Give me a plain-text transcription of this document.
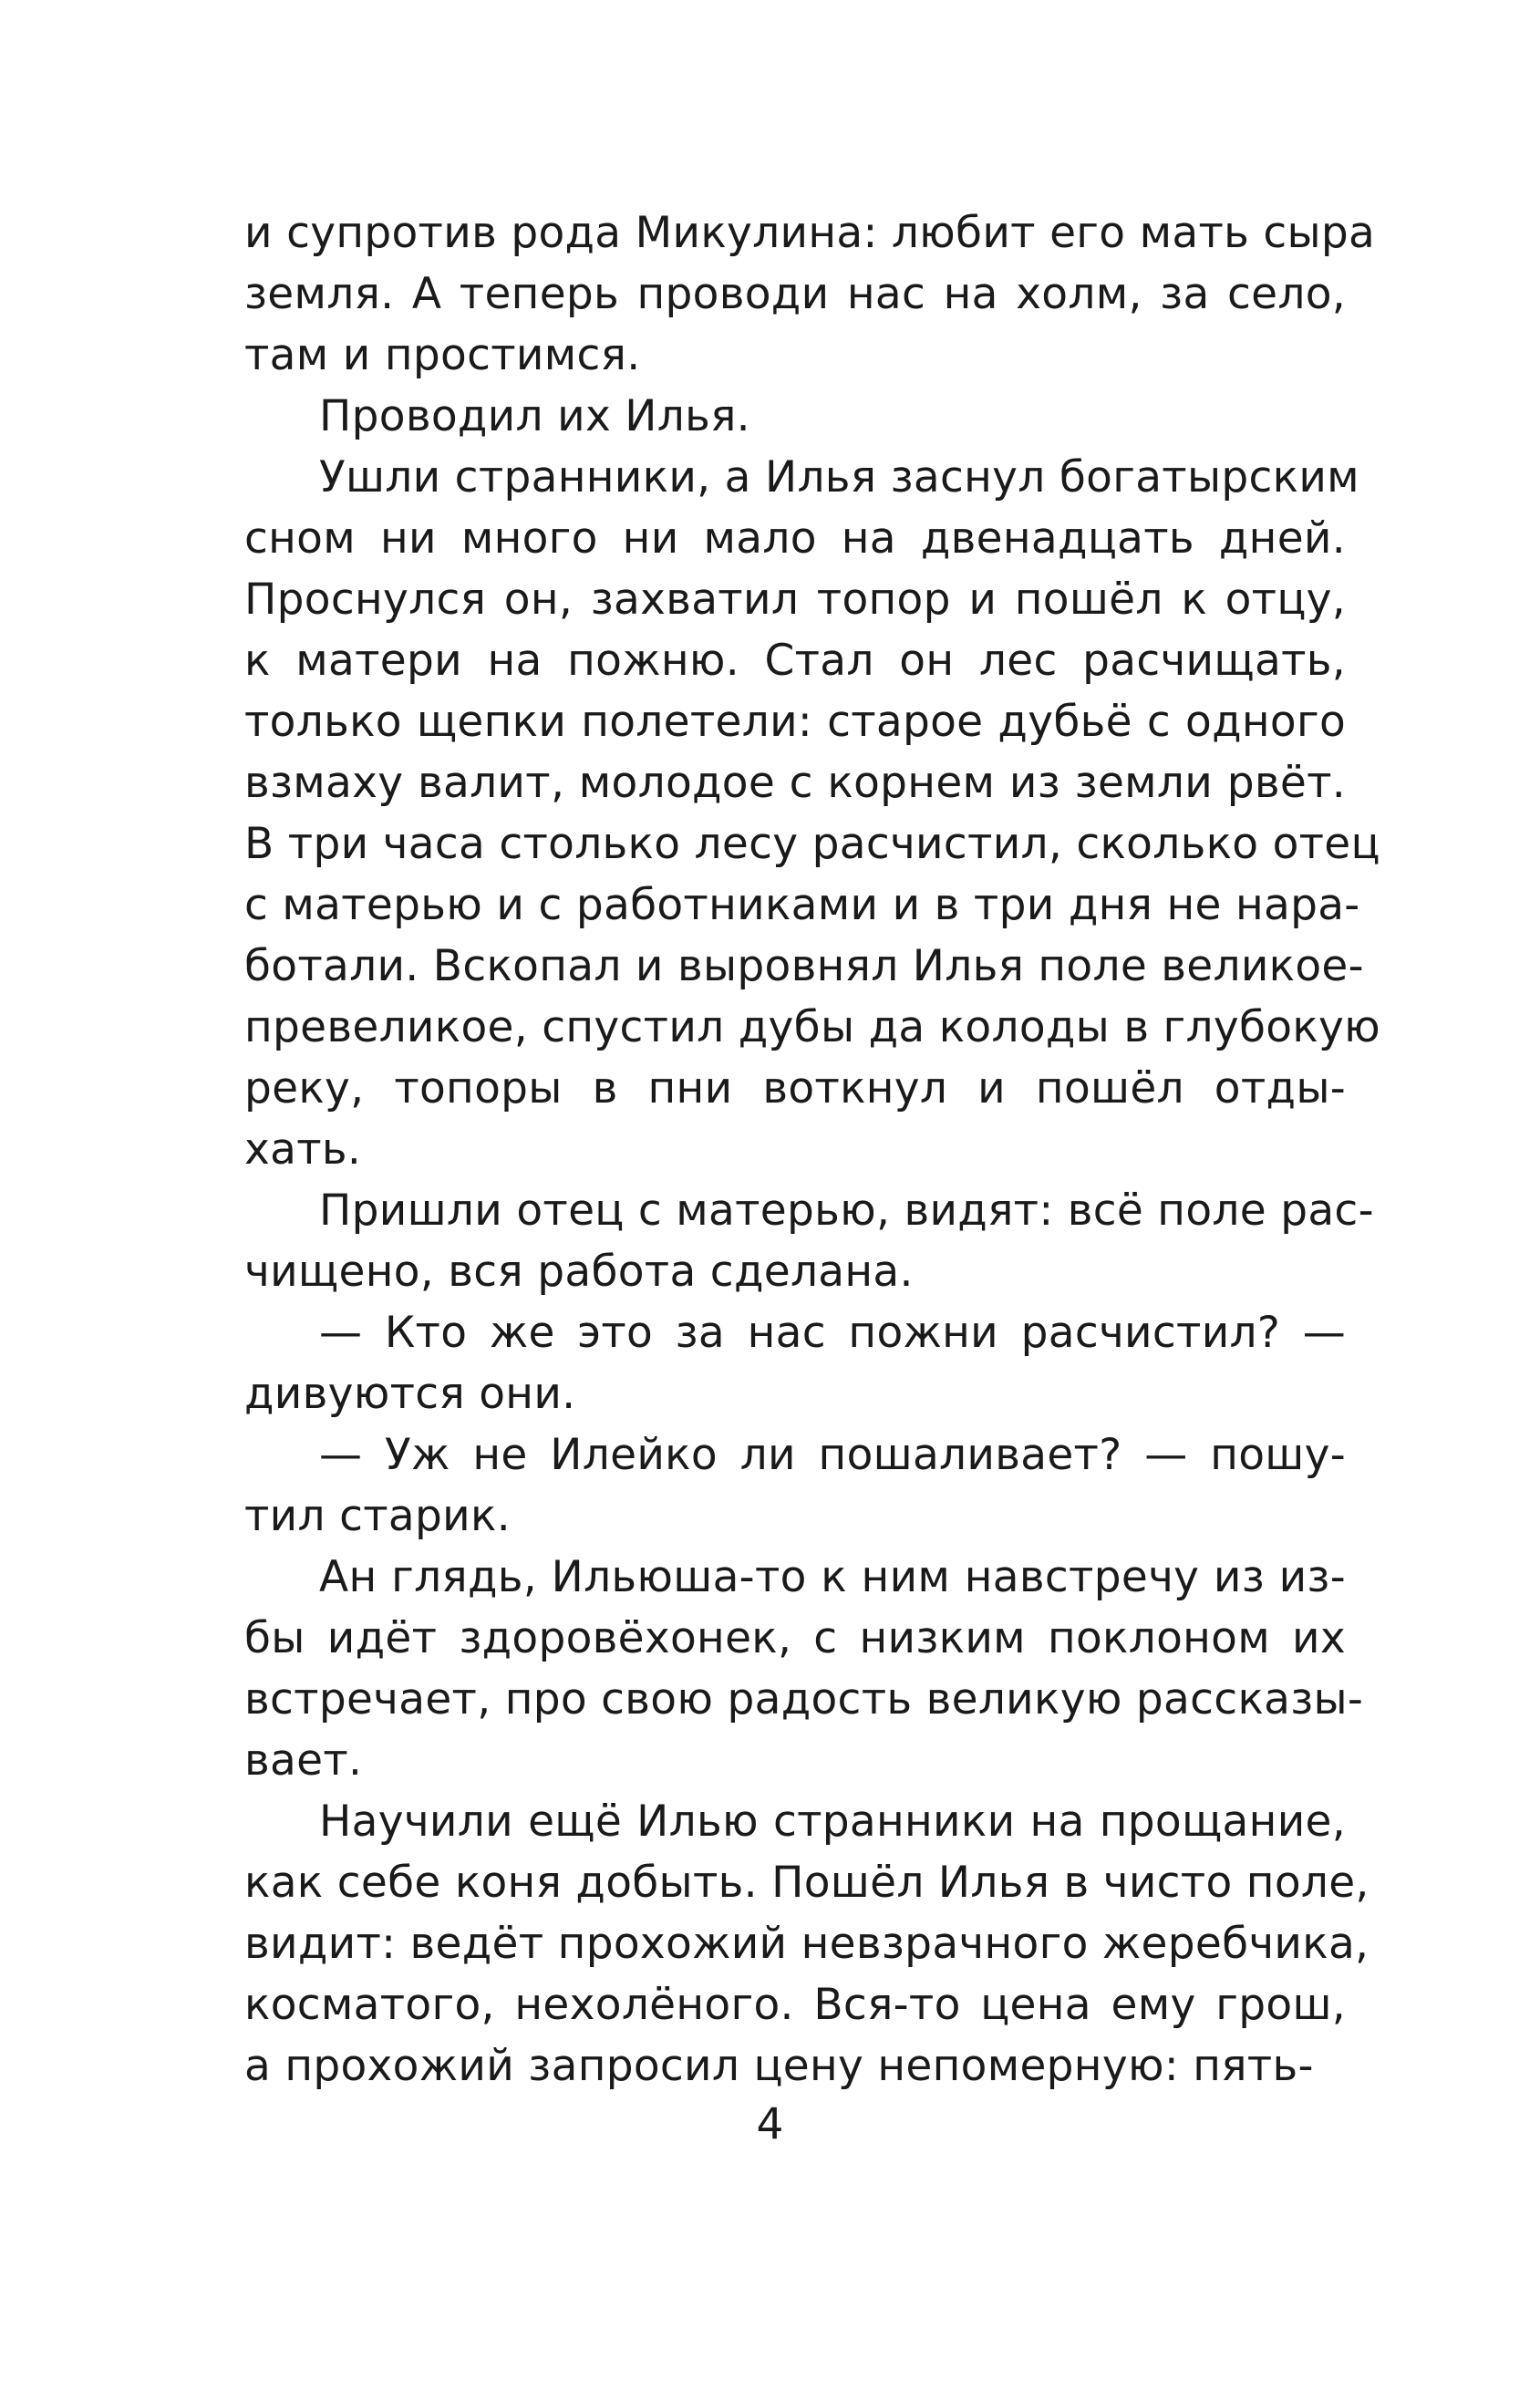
и супротив рода Микулина: любит его мать сыра
земля. А теперь проводи нас на холм, за село,
там и простимся.
Проводил их Илья.
Ушли странники, а Илья заснул богатырским
сном ни много ни мало на двенадцать дней.
Проснулся он, захватил топор и пошёл к отцу,
к матери на пожню. Стал он лес расчищать,
только щепки полетели: старое дубьё с одного
взмаху валит, молодое с корнем из земли рвёт.
В три часа столько лесу расчистил, сколько отец
с матерью и с работниками и в три дня не нара-
ботали. Вскопал и выровнял Илья поле великое-
превеликое, спустил дубы да колоды в глубокую
реку, топоры в пни воткнул и пошёл отды-
хать.
Пришли отец с матерью, видят: всё поле рас-
чищено, вся работа сделана.
— Кто же это за нас пожни расчистил? —
дивуются они.
— Уж не Илейко ли пошаливает? — пошу-
тил старик.
Ан глядь, Ильюша-то к ним навстречу из из-
бы идёт здоровёхонек, с низким поклоном их
встречает, про свою радость великую рассказы-
вает.
Научили ещё Илью странники на прощание,
как себе коня добыть. Пошёл Илья в чисто поле,
видит: ведёт прохожий невзрачного жеребчика,
косматого, нехолёного. Вся-то цена ему грош,
а прохожий запросил цену непомерную: пять-
4
